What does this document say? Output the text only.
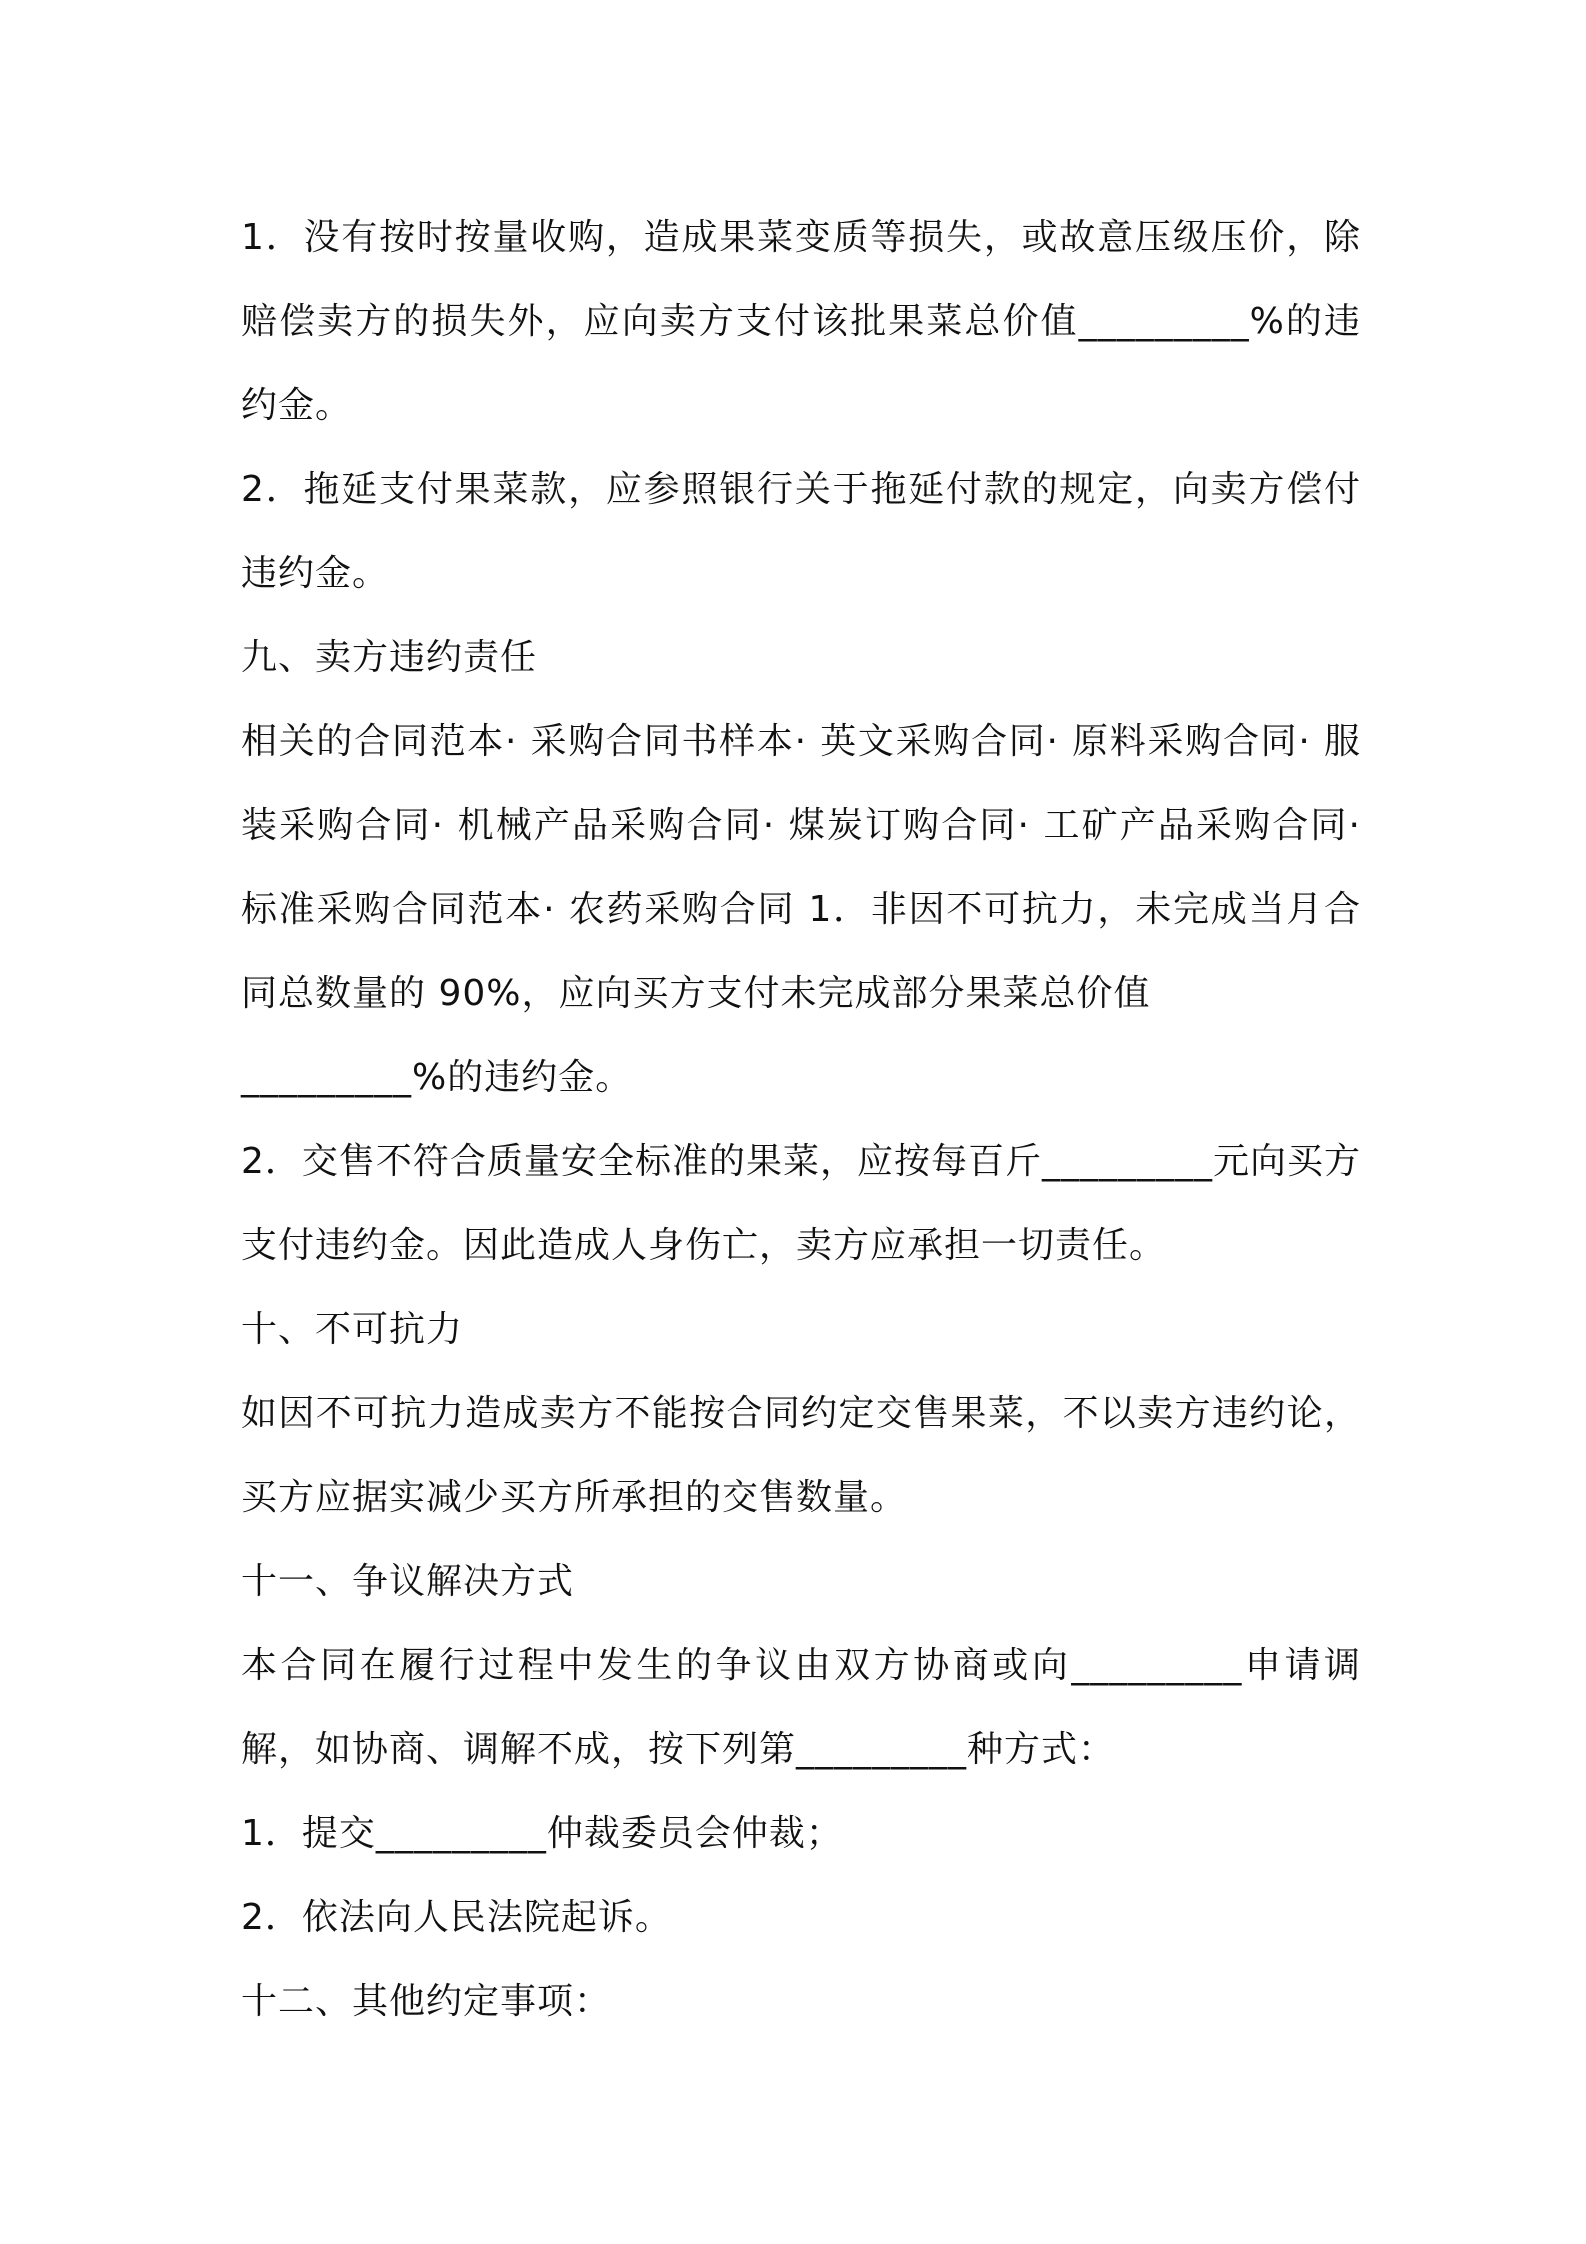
1．没有按时按量收购，造成果菜变质等损失，或故意压级压价，除赔偿卖方的损失外，应向卖方支付该批果菜总价值_________%的违约金。

2．拖延支付果菜款，应参照银行关于拖延付款的规定，向卖方偿付违约金。

九、卖方违约责任

相关的合同范本· 采购合同书样本· 英文采购合同· 原料采购合同· 服装采购合同· 机械产品采购合同· 煤炭订购合同· 工矿产品采购合同· 标准采购合同范本· 农药采购合同 1．非因不可抗力，未完成当月合同总数量的 90%，应向买方支付未完成部分果菜总价值

_________%的违约金。

2．交售不符合质量安全标准的果菜，应按每百斤_________元向买方支付违约金。因此造成人身伤亡，卖方应承担一切责任。

十、不可抗力

如因不可抗力造成卖方不能按合同约定交售果菜，不以卖方违约论，买方应据实减少买方所承担的交售数量。

十一、争议解决方式

本合同在履行过程中发生的争议由双方协商或向_________申请调解，如协商、调解不成，按下列第_________种方式：

1．提交_________仲裁委员会仲裁；

2．依法向人民法院起诉。

十二、其他约定事项：
